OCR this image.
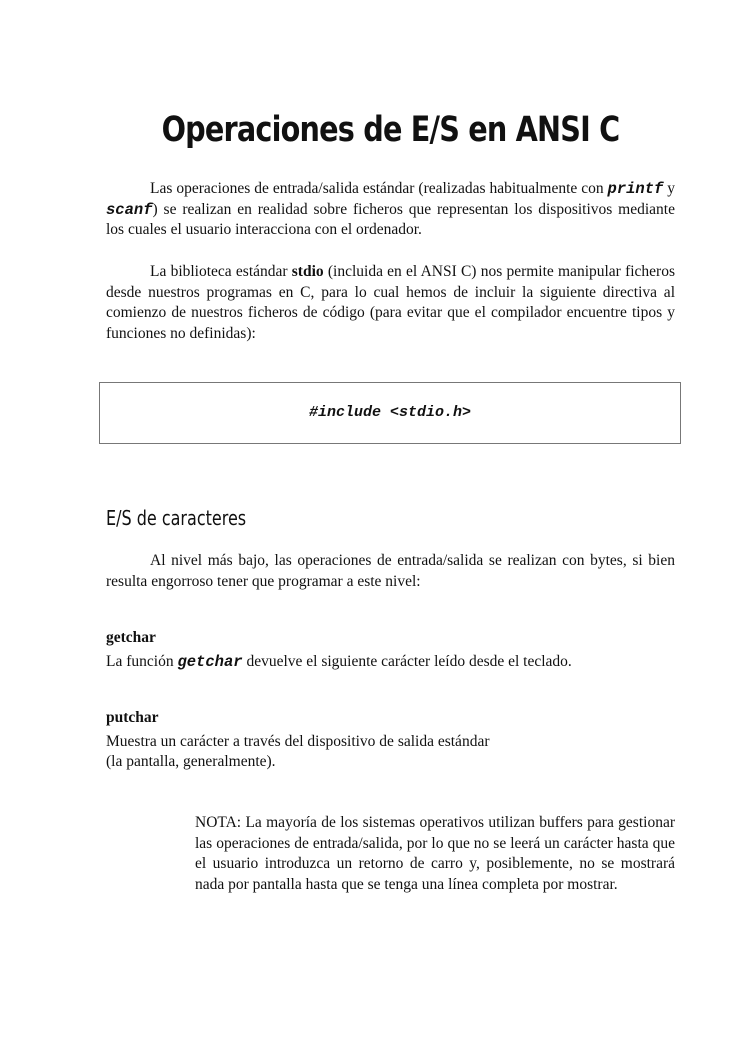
Operaciones de E/S en ANSI C

Las operaciones de entrada/salida estándar (realizadas habitualmente con printf y scanf) se realizan en realidad sobre ficheros que representan los dispositivos mediante los cuales el usuario interacciona con el ordenador.

La biblioteca estándar stdio (incluida en el ANSI C) nos permite manipular ficheros desde nuestros programas en C, para lo cual hemos de incluir la siguiente directiva al comienzo de nuestros ficheros de código (para evitar que el compilador encuentre tipos y funciones no definidas):

E/S de caracteres

Al nivel más bajo, las operaciones de entrada/salida se realizan con bytes, si bien resulta engorroso tener que programar a este nivel:

getchar
La función getchar devuelve el siguiente carácter leído desde el teclado.
putchar
Muestra un carácter a través del dispositivo de salida estándar
(la pantalla, generalmente).
#include <stdio.h>

NOTA: La mayoría de los sistemas operativos utilizan buffers para gestionar las operaciones de entrada/salida, por lo que no se leerá un carácter hasta que el usuario introduzca un retorno de carro y, posiblemente, no se mostrará nada por pantalla hasta que se tenga una línea completa por mostrar.
